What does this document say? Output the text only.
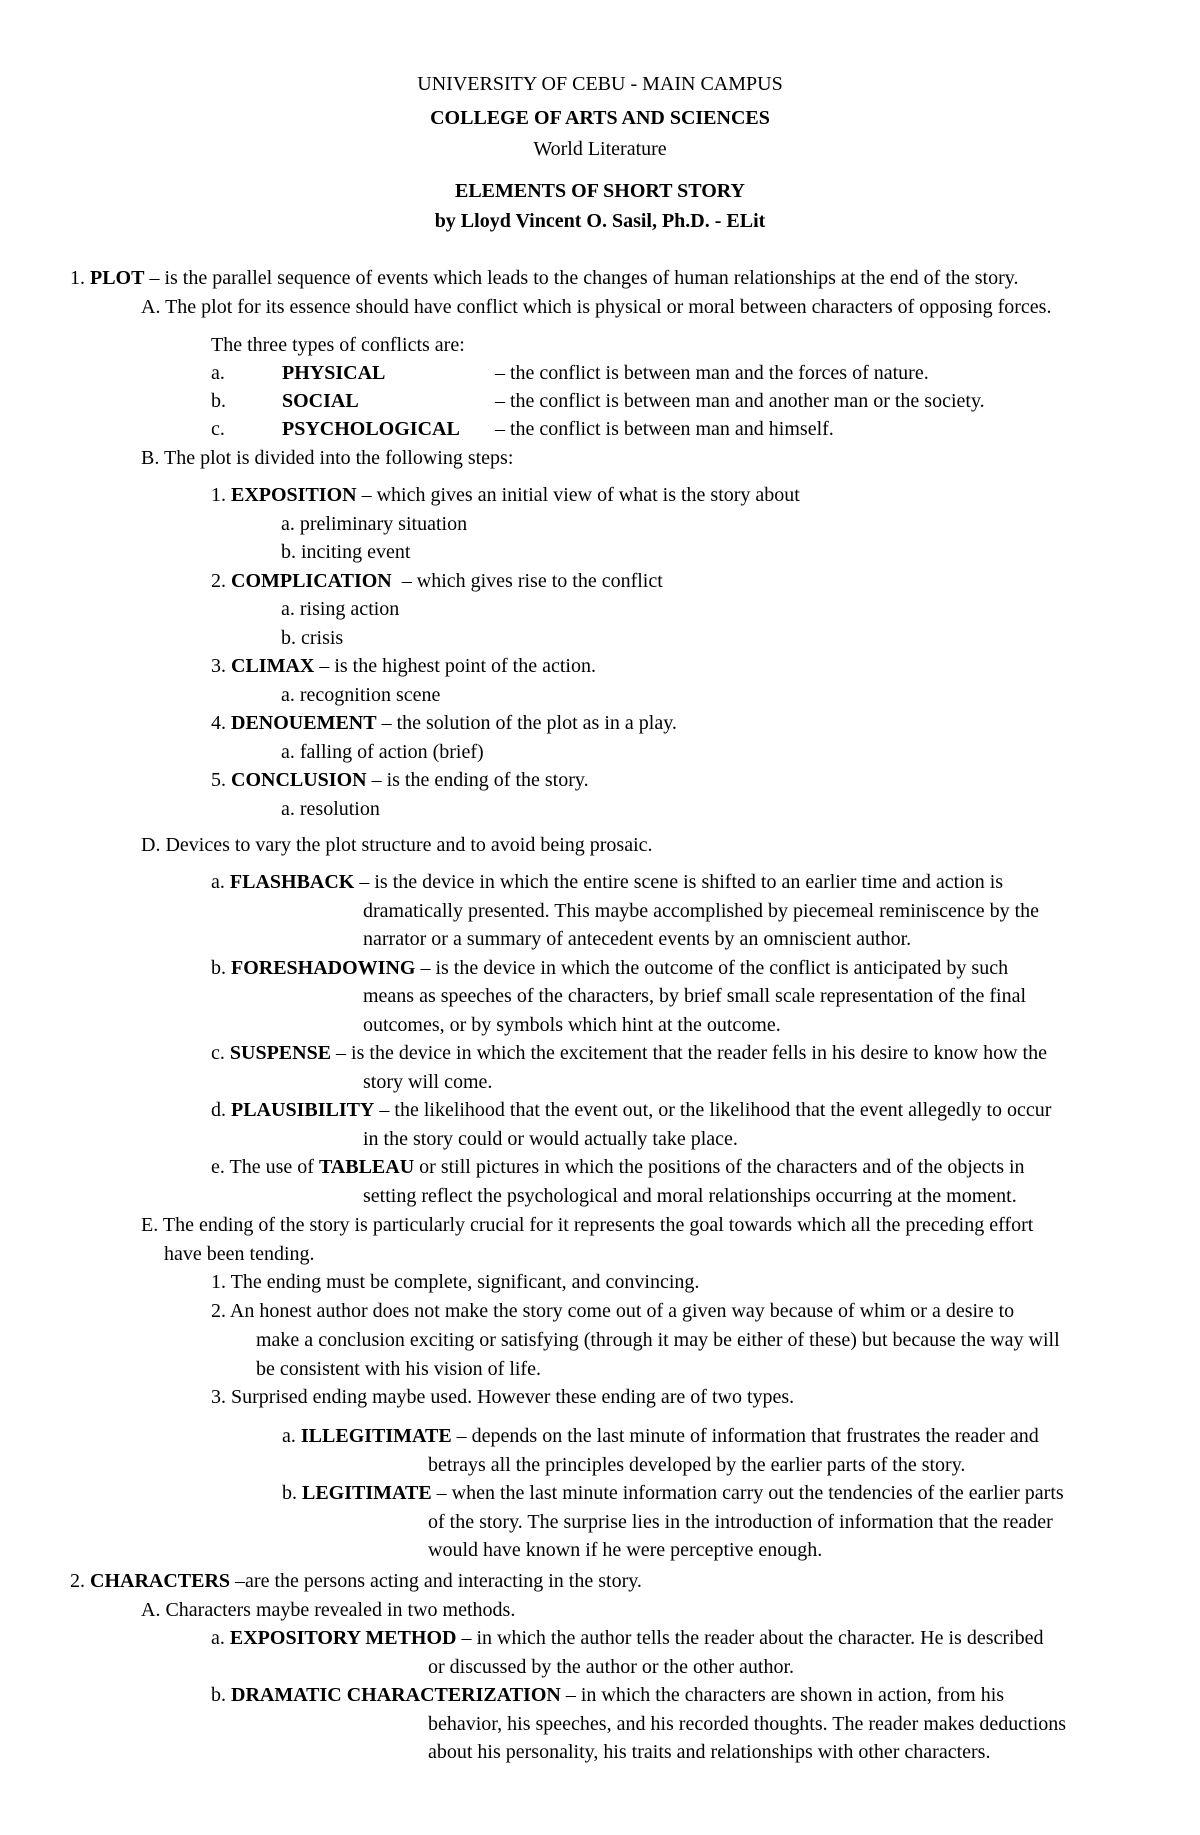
UNIVERSITY OF CEBU - MAIN CAMPUS
COLLEGE OF ARTS AND SCIENCES
World Literature
ELEMENTS OF SHORT STORY
by Lloyd Vincent O. Sasil, Ph.D. - ELit
1. PLOT – is the parallel sequence of events which leads to the changes of human relationships at the end of the story.
A. The plot for its essence should have conflict which is physical or moral between characters of opposing forces.
The three types of conflicts are:
a.	PHYSICAL	– the conflict is between man and the forces of nature.
b.	SOCIAL	– the conflict is between man and another man or the society.
c.	PSYCHOLOGICAL – the conflict is between man and himself.
B. The plot is divided into the following steps:
1. EXPOSITION – which gives an initial view of what is the story about
a. preliminary situation
b. inciting event
2. COMPLICATION  – which gives rise to the conflict
a. rising action
b. crisis
3. CLIMAX – is the highest point of the action.
a. recognition scene
4. DENOUEMENT – the solution of the plot as in a play.
a. falling of action (brief)
5. CONCLUSION – is the ending of the story.
a. resolution
D. Devices to vary the plot structure and to avoid being prosaic.
a. FLASHBACK – is the device in which the entire scene is shifted to an earlier time and action is
dramatically presented. This maybe accomplished by piecemeal reminiscence by the
narrator or a summary of antecedent events by an omniscient author.
b. FORESHADOWING – is the device in which the outcome of the conflict is anticipated by such
means as speeches of the characters, by brief small scale representation of the final
outcomes, or by symbols which hint at the outcome.
c. SUSPENSE – is the device in which the excitement that the reader fells in his desire to know how the
story will come.
d. PLAUSIBILITY – the likelihood that the event out, or the likelihood that the event allegedly to occur
in the story could or would actually take place.
e. The use of TABLEAU or still pictures in which the positions of the characters and of the objects in
setting reflect the psychological and moral relationships occurring at the moment.
E. The ending of the story is particularly crucial for it represents the goal towards which all the preceding effort
have been tending.
1. The ending must be complete, significant, and convincing.
2. An honest author does not make the story come out of a given way because of whim or a desire to
make a conclusion exciting or satisfying (through it may be either of these) but because the way will
be consistent with his vision of life.
3. Surprised ending maybe used. However these ending are of two types.
a. ILLEGITIMATE – depends on the last minute of information that frustrates the reader and
betrays all the principles developed by the earlier parts of the story.
b. LEGITIMATE – when the last minute information carry out the tendencies of the earlier parts
of the story. The surprise lies in the introduction of information that the reader
would have known if he were perceptive enough.
2. CHARACTERS –are the persons acting and interacting in the story.
A. Characters maybe revealed in two methods.
a. EXPOSITORY METHOD – in which the author tells the reader about the character. He is described
or discussed by the author or the other author.
b. DRAMATIC CHARACTERIZATION – in which the characters are shown in action, from his
behavior, his speeches, and his recorded thoughts. The reader makes deductions
about his personality, his traits and relationships with other characters.
